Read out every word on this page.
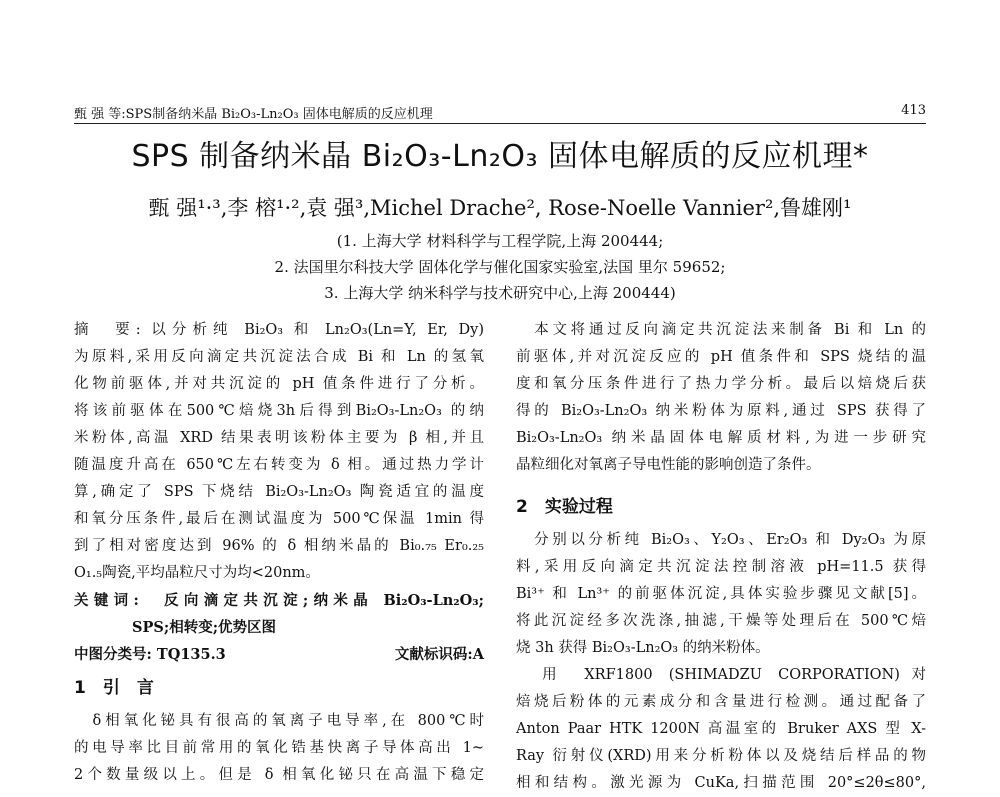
甄 强 等:SPS制备纳米晶 Bi₂O₃-Ln₂O₃ 固体电解质的反应机理	413
SPS 制备纳米晶 Bi₂O₃-Ln₂O₃ 固体电解质的反应机理*
甄 强¹·³,李 榕¹·²,袁 强³,Michel Drache², Rose-Noelle Vannier²,鲁雄刚¹
(1. 上海大学 材料科学与工程学院,上海 200444;
2. 法国里尔科技大学 固体化学与催化国家实验室,法国 里尔 59652;
3. 上海大学 纳米科学与技术研究中心,上海 200444)
摘　要: 以分析纯 Bi₂O₃ 和 Ln₂O₃(Ln=Y, Er, Dy)
为原料,采用反向滴定共沉淀法合成 Bi 和 Ln 的氢氧
化物前驱体,并对共沉淀的 pH 值条件进行了分析。
将该前驱体在500℃焙烧3h后得到Bi₂O₃-Ln₂O₃ 的纳
米粉体,高温 XRD 结果表明该粉体主要为 β 相,并且
随温度升高在 650℃左右转变为 δ 相。通过热力学计
算,确定了 SPS 下烧结 Bi₂O₃-Ln₂O₃ 陶瓷适宜的温度
和氧分压条件,最后在测试温度为 500℃保温 1min 得
到了相对密度达到 96% 的 δ 相纳米晶的 Bi₀.₇₅ Er₀.₂₅
O₁.₅陶瓷,平均晶粒尺寸为均<20nm。
关键词:　反向滴定共沉淀;纳米晶 Bi₂O₃-Ln₂O₃;
　　　　SPS;相转变;优势区图
中图分类号: TQ135.3	文献标识码:A
1　引　言
　δ相氧化铋具有很高的氧离子电导率,在 800℃时
的电导率比目前常用的氧化锆基快离子导体高出 1~
2个数量级以上。但是 δ 相氧化铋只在高温下稳定
　本文将通过反向滴定共沉淀法来制备 Bi 和 Ln 的
前驱体,并对沉淀反应的 pH 值条件和 SPS 烧结的温
度和氧分压条件进行了热力学分析。最后以焙烧后获
得的 Bi₂O₃-Ln₂O₃ 纳米粉体为原料,通过 SPS 获得了
Bi₂O₃-Ln₂O₃ 纳米晶固体电解质材料,为进一步研究
晶粒细化对氧离子导电性能的影响创造了条件。
2　实验过程
　分别以分析纯 Bi₂O₃、Y₂O₃、Er₂O₃ 和 Dy₂O₃ 为原
料,采用反向滴定共沉淀法控制溶液 pH=11.5 获得
Bi³⁺ 和 Ln³⁺ 的前驱体沉淀,具体实验步骤见文献[5]。
将此沉淀经多次洗涤,抽滤,干燥等处理后在 500℃焙
烧 3h 获得 Bi₂O₃-Ln₂O₃ 的纳米粉体。
　用 XRF1800 (SHIMADZU CORPORATION)对
焙烧后粉体的元素成分和含量进行检测。通过配备了
Anton Paar HTK 1200N 高温室的 Bruker AXS 型 X-
Ray 衍射仪(XRD)用来分析粉体以及烧结后样品的物
相和结构。激光源为 CuKa,扫描范围 20°≤2θ≤80°,
